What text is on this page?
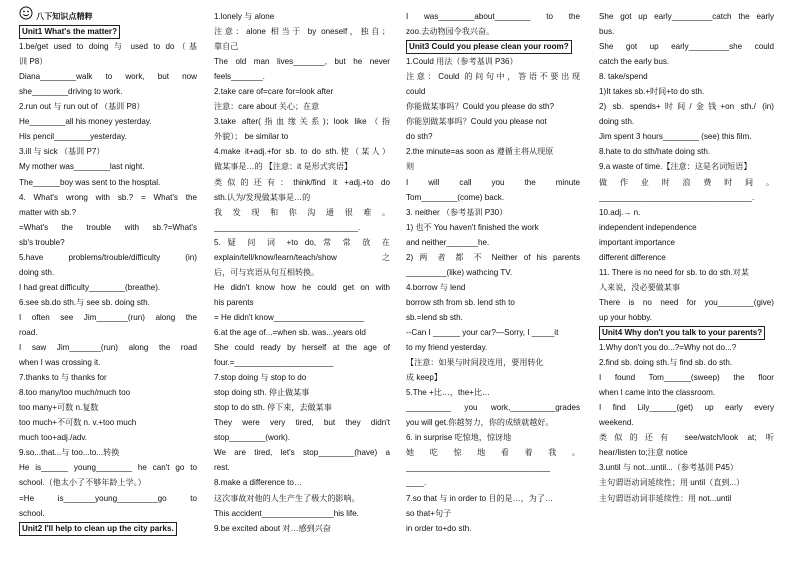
八下知识点精粹
Unit1 What's the matter?
1.be/get used to doing 与 used to do（基
训 P8）
Diana________walk to work, but now
she________driving to work.
2.run out 与 run out of （基训 P8）
He________all his money yesterday.
His pencil________yesterday.
3.ill 与 sick （基训 P7）
My mother was________last night.
The______boy was sent to the hosptal.
4. What's wrong with sb.? = What's the
matter with sb.?
=What's the trouble with sb.?=What's
sb's trouble?
5.have problems/trouble/difficulty (in)
doing sth.
I had great difficulty________(breathe).
6.see sb.do sth.与 see sb. doing sth.
I often see Jim_______(run) along the
road.
I saw Jim_______(run) along the road
when I was crossing it.
7.thanks to 与 thanks for
8.too many/too much/much too
too many+可数 n.复数
too much+不可数 n. v.+too much
much too+adj./adv.
9.so...that...与 too...to...转换
He is______ young________ he can't go to
school.（他太小了不够年龄上学。）
=He is_______young_________go to
school.
Unit2 I'll help to clean up the city parks.
1.lonely 与 alone
注意：alone 相当于 by oneself，独自；
靠自己
The old man lives_______, but he never
feels_______.
2.take care of=care for=look after
注意：care about 关心；在意
3.take after(指血缘关系)；look like（指
外貌）； be similar to
4.make it+adj.+for sb. to do sth.使（某人）
做某事是…的 【注意：it 是形式宾语】
类似的还有：think/find it +adj.+to do
sth.认为/发现做某事是…的
我 发 现 和 你 沟 通 很 难 。
________________________________.
5. 疑 问 词 +to do, 常 常 放 在
explain/tell/know/learn/teach/show 之
后，可与宾语从句互相转换。
He didn't know how he could get on with
his parents
= He didn't know____________________
6.at the age of...=when sb. was...years old
She could ready by herself at the age of
four.=______________________
7.stop doing 与 stop to do
stop doing sth. 停止做某事
stop to do sth. 停下来，去做某事
They were very tired, but they didn't
stop________(work).
We are tired, let's stop________(have) a
rest.
8.make a difference to…
这次事故对他的人生产生了极大的影响。
This accident________________his life.
9.be excited about 对…感到兴奋
I was________about________ to the
zoo.去动物园令我兴奋。
Unit3 Could you please clean your room?
1.Could 用法（参考基训 P36）
注意：Could 的问句中，答语不要出现
could
你能做某事吗？Could you please do sth?
你能别做某事吗？Could you please not
do sth?
2.the minute=as soon as 遵循主将从现原
则
I will call you the minute
Tom________(come) back.
3. neither （参考基训 P30）
1) 也不 You haven't finished the work
and neither_______he.
2) 两 者 都 不 Neither of his parents
_________(like) wathcing TV.
4.borrow 与 lend
borrow sth from sb. lend sth to
sb.=lend sb sth.
--Can I ______ your car?—Sorry, I _____it
to my friend yesterday.
【注意：如果与时间段连用，要用转化
成 keep】
5.The +比…，the+比…
__________ you work,__________grades
you will get.你越努力，你的成绩就越好。
6. in surprise 吃惊地，惊讶地
她 吃 惊 地 看 着 我 。
________________________________
____.
7.so that 与 in order to 目的是…，为了…
so that+句子
in order to+do sth.
She got up early_________catch the early
bus.
She got up early_________she could
catch the early bus.
8. take/spend
1)It takes sb.+时间+to do sth.
2) sb. spends+时间/金钱+on sth./ (in)
doing sth.
Jim spent 3 hours________ (see) this film.
8.hate to do sth/hate doing sth.
9.a waste of time.【注意：这是名词短语】
做 作 业 时 浪 费 时 间 。
__________________________________.
10.adj.→ n.
independent independence
important importance
different difference
11. There is no need for sb. to do sth.对某
人来说，没必要做某事
There is no need for you________(give)
up your hobby.
Unit4 Why don't you talk to your parents?
1.Why don't you do...?=Why not do...?
2.find sb. doing sth.与 find sb. do sth.
I found Tom______(sweep) the floor
when I came into the classroom.
I find Lily______(get) up early every
weekend.
类似的还有 see/watch/look at; 听
hear/listen to;注意 notice
3.until 与 not...until...（参考基训 P45）
主句谓语动词延续性；用 until（直到...）
主句谓语动词非延续性：用 not...until
